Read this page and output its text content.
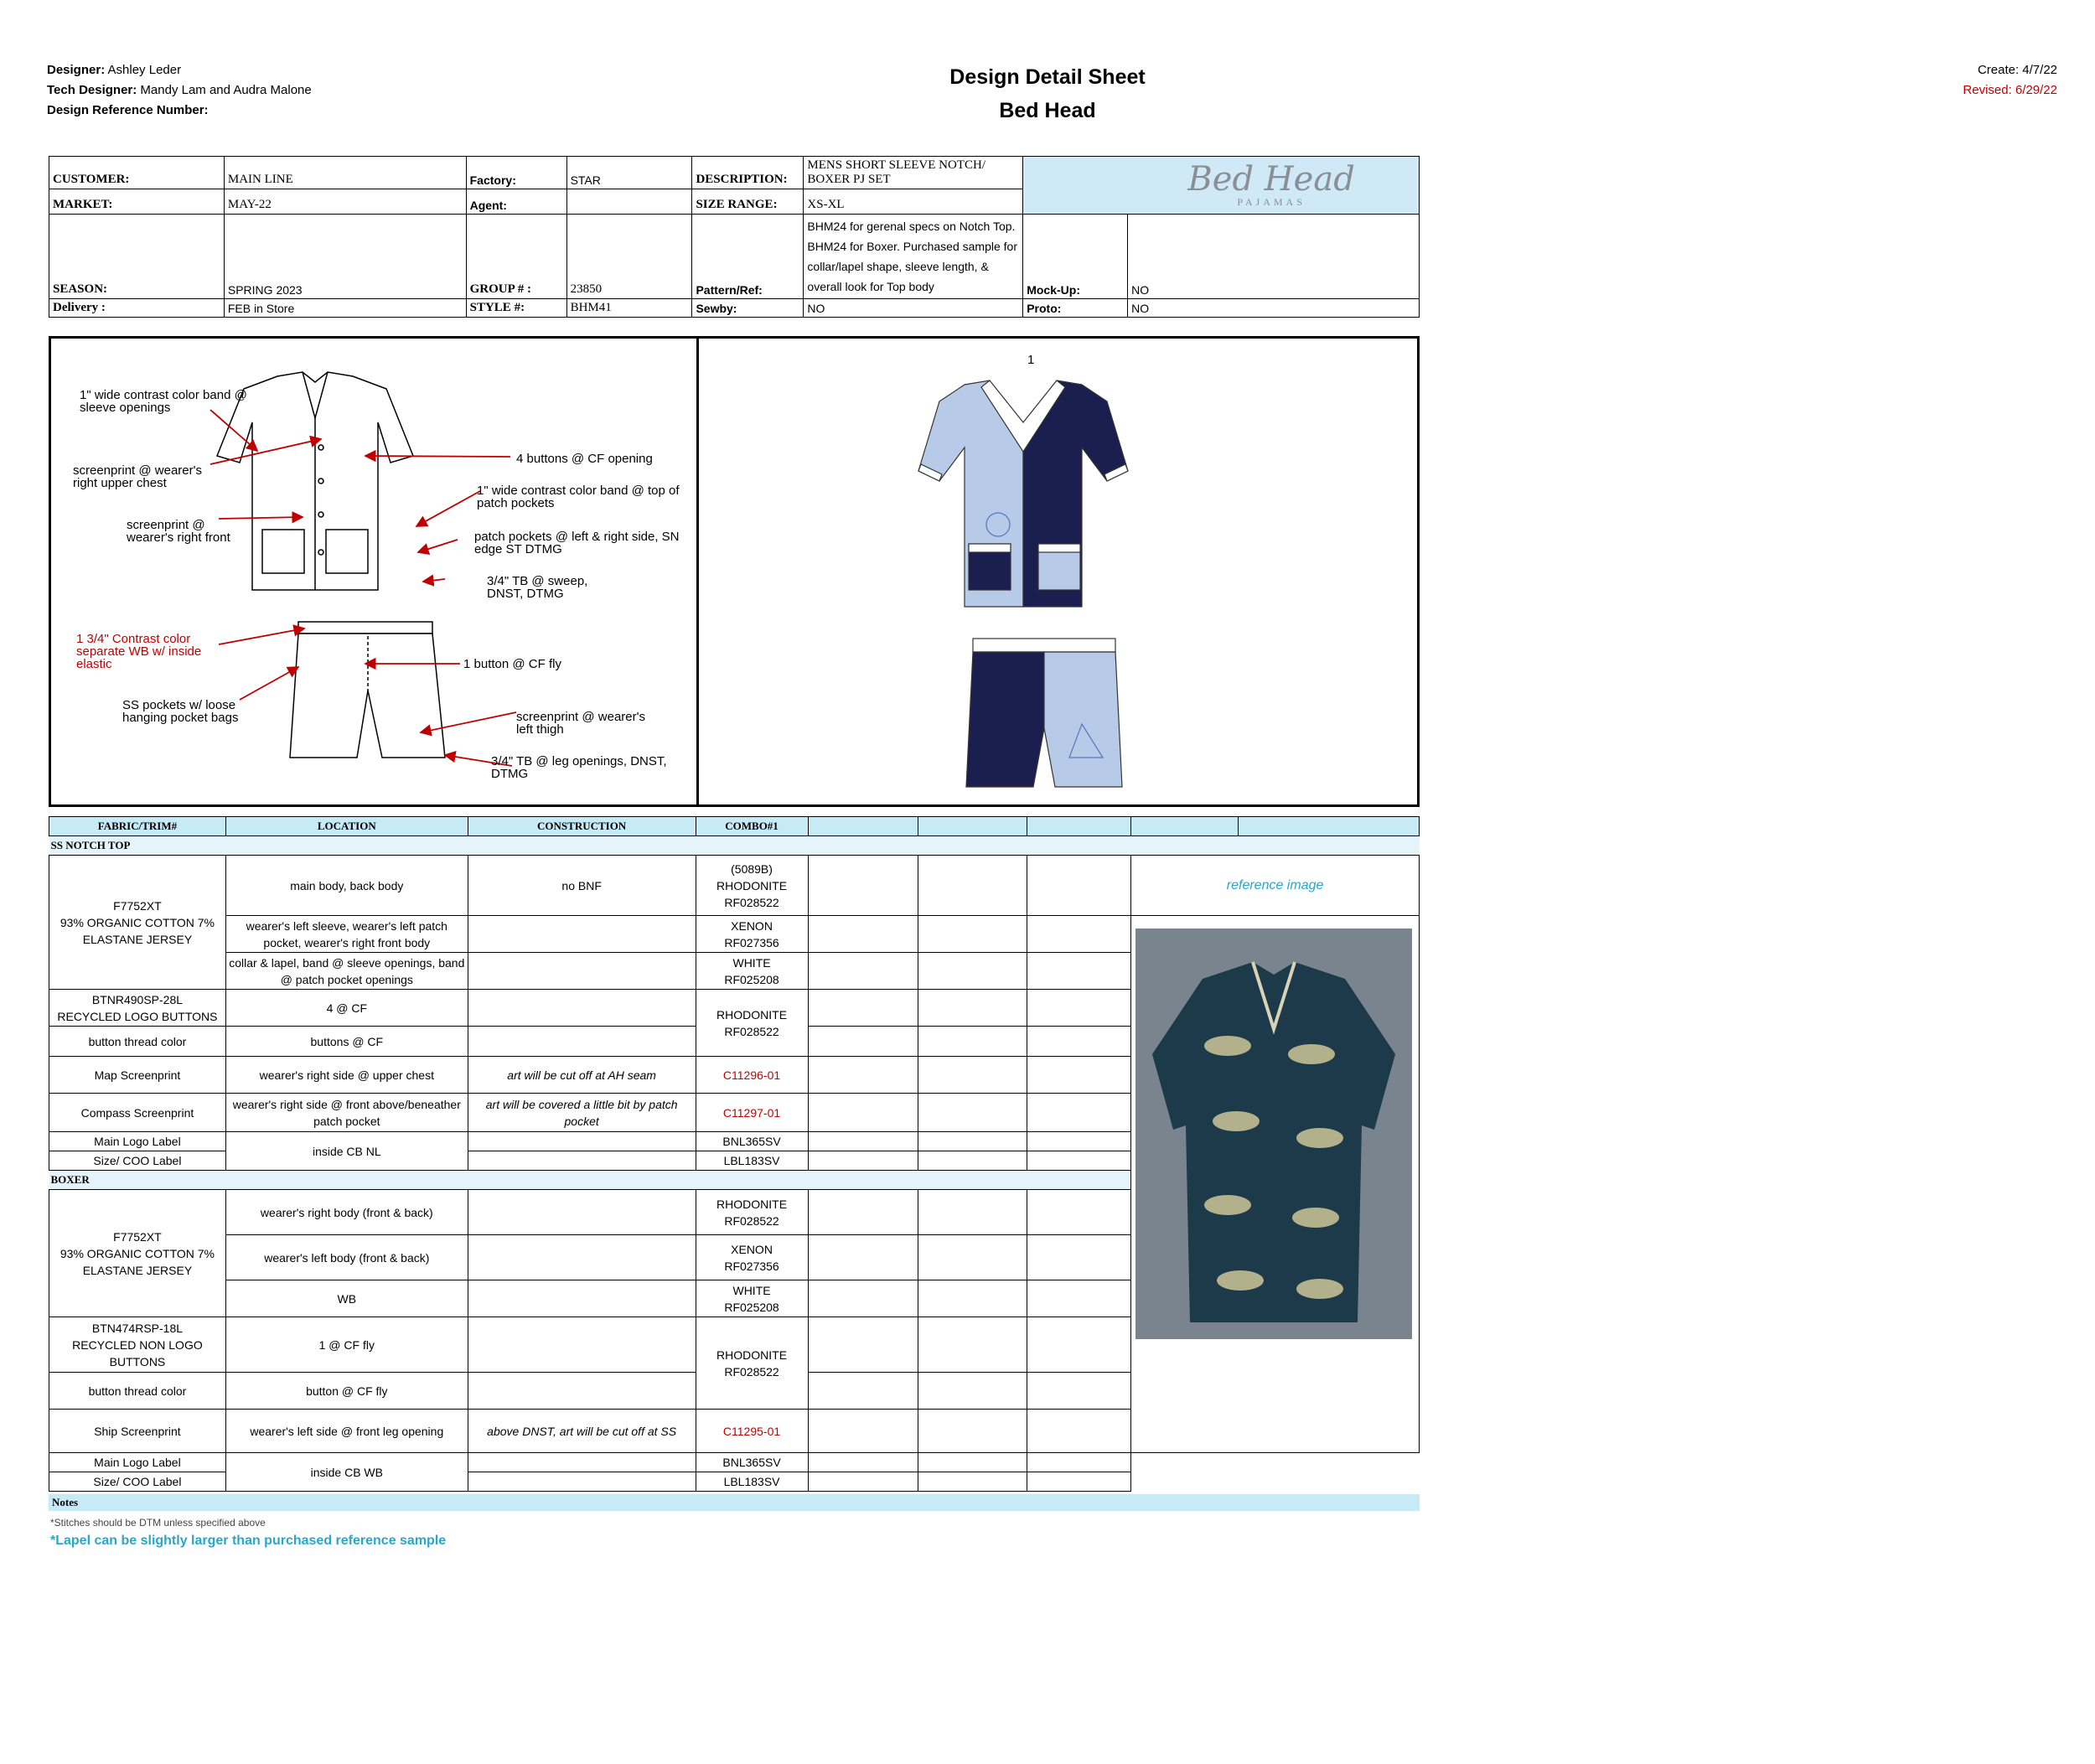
Designer: Ashley Leder
Tech Designer: Mandy Lam and Audra Malone
Design Reference Number:
Design Detail Sheet
Bed Head
Create: 4/7/22
Revised: 6/29/22
CUSTOMER:	MAIN LINE	Factory:	STAR	DESCRIPTION:	MENS SHORT SLEEVE NOTCH/ BOXER PJ SET	Bed Head
PAJAMAS	

MARKET:	MAY-22	Agent:		SIZE RANGE:	XS-XL		
SEASON:	SPRING 2023	GROUP # :	23850	Pattern/Ref:	BHM24 for gerenal specs on Notch Top. BHM24 for Boxer. Purchased sample for collar/lapel shape, sleeve length, & overall look for Top body	Mock-Up:	NO
Delivery :	FEB in Store	STYLE #:	BHM41	Sewby:	NO	Proto:	NO
1" wide contrast color band @ sleeve openings
screenprint @ wearer's right upper chest
screenprint @ wearer's right front
4 buttons @ CF opening
1" wide contrast color band @ top of patch pockets
patch pockets @ left & right side, SN edge ST DTMG
3/4" TB @ sweep, DNST, DTMG
1 3/4" Contrast color separate WB w/ inside elastic	1 button @ CF fly
SS pockets w/ loose hanging pocket bags	screenprint @ wearer's left thigh
3/4" TB @ leg openings, DNST, DTMG
1
FABRIC/TRIM#	LOCATION	CONSTRUCTION	COMBO#1					
SS NOTCH TOP								
F7752XT
93% ORGANIC COTTON 7% ELASTANE JERSEY	main body, back body	no BNF	(5089B)
RHODONITE
RF028522				reference image	
	wearer's left sleeve, wearer's left patch pocket, wearer's right front body		XENON
RF027356					
	collar & lapel, band @ sleeve openings, band @ patch pocket openings		WHITE
RF025208					
BTNR490SP-28L
RECYCLED LOGO BUTTONS	4 @ CF		RHODONITE
RF028522					
button thread color	buttons @ CF							
Map Screenprint	wearer's right side @ upper chest	art will be cut off at AH seam	C11296-01					
Compass Screenprint	wearer's right side @ front above/beneather patch pocket	art will be covered a little bit by patch pocket	C11297-01					
Main Logo Label	inside CB NL		BNL365SV					
Size/ COO Label			LBL183SV					
BOXER								
F7752XT
93% ORGANIC COTTON 7% ELASTANE JERSEY	wearer's right body (front & back)		RHODONITE
RF028522					
	wearer's left body (front & back)		XENON
RF027356					
	WB		WHITE
RF025208					
BTN474RSP-18L
RECYCLED NON LOGO BUTTONS	1 @ CF fly		RHODONITE
RF028522					
button thread color	button @ CF fly							
Ship Screenprint	wearer's left side @ front leg opening	above DNST, art will be cut off at SS	C11295-01					
Main Logo Label	inside CB WB		BNL365SV					
Size/ COO Label			LBL183SV					
Notes
*Stitches should be DTM unless specified above
*Lapel can be slightly larger than purchased reference sample
